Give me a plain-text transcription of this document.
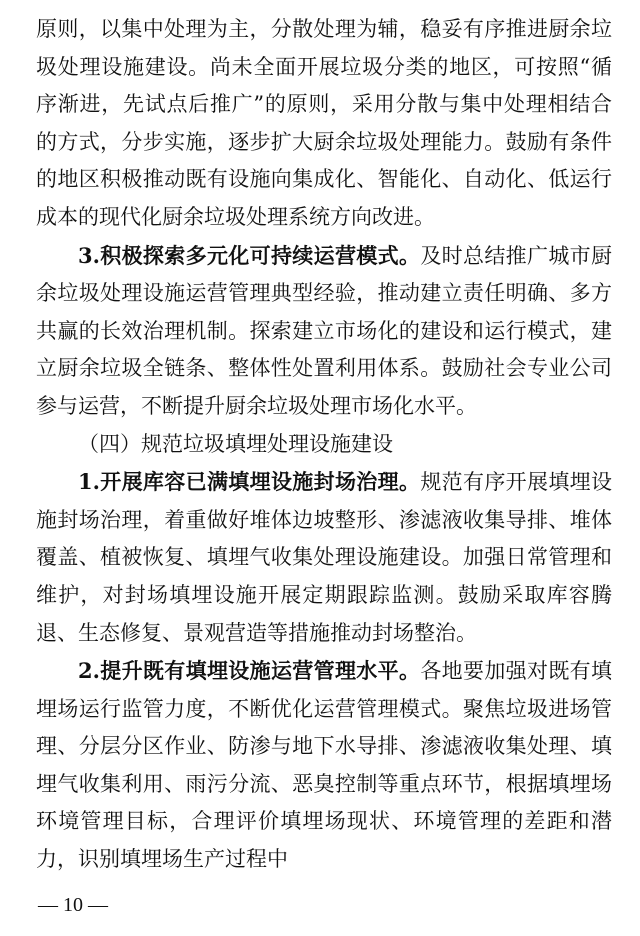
原则，以集中处理为主，分散处理为辅，稳妥有序推进厨余垃圾处理设施建设。尚未全面开展垃圾分类的地区，可按照“循序渐进，先试点后推广”的原则，采用分散与集中处理相结合的方式，分步实施，逐步扩大厨余垃圾处理能力。鼓励有条件的地区积极推动既有设施向集成化、智能化、自动化、低运行成本的现代化厨余垃圾处理系统方向改进。

3.积极探索多元化可持续运营模式。及时总结推广城市厨余垃圾处理设施运营管理典型经验，推动建立责任明确、多方共赢的长效治理机制。探索建立市场化的建设和运行模式，建立厨余垃圾全链条、整体性处置利用体系。鼓励社会专业公司参与运营，不断提升厨余垃圾处理市场化水平。

（四）规范垃圾填埋处理设施建设

1.开展库容已满填埋设施封场治理。规范有序开展填埋设施封场治理，着重做好堆体边坡整形、渗滤液收集导排、堆体覆盖、植被恢复、填埋气收集处理设施建设。加强日常管理和维护，对封场填埋设施开展定期跟踪监测。鼓励采取库容腾退、生态修复、景观营造等措施推动封场整治。

2.提升既有填埋设施运营管理水平。各地要加强对既有填埋场运行监管力度，不断优化运营管理模式。聚焦垃圾进场管理、分层分区作业、防渗与地下水导排、渗滤液收集处理、填埋气收集利用、雨污分流、恶臭控制等重点环节，根据填埋场环境管理目标，合理评价填埋场现状、环境管理的差距和潜力，识别填埋场生产过程中

— 10 —
